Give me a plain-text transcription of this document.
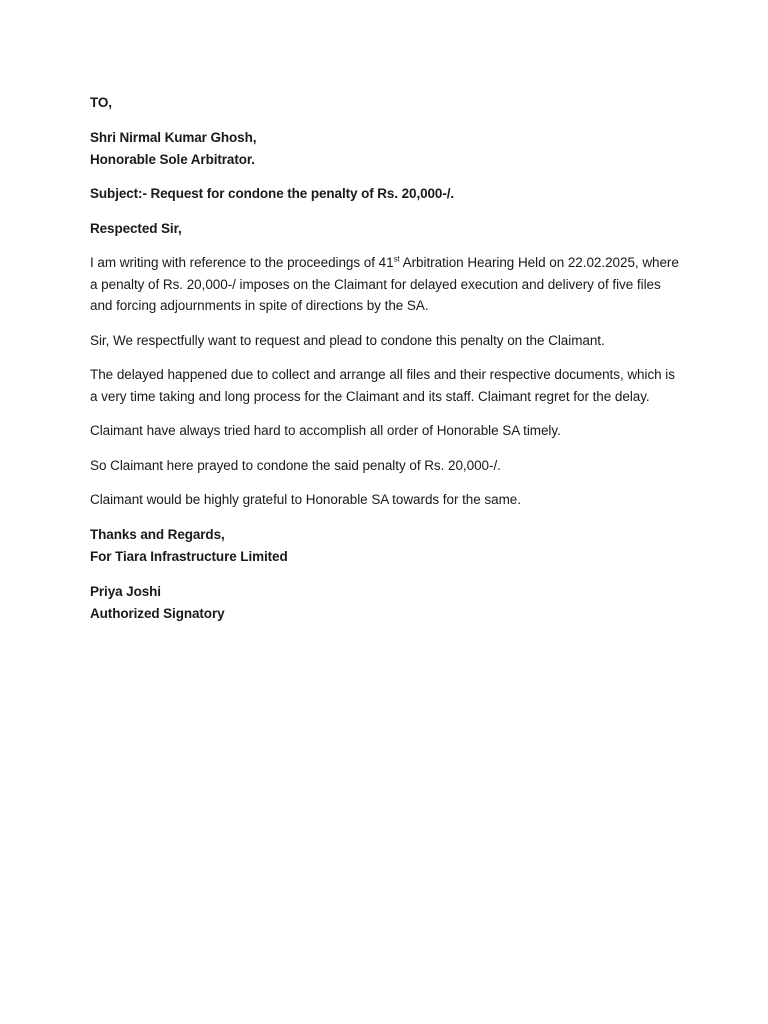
TO,

Shri Nirmal Kumar Ghosh,
Honorable Sole Arbitrator.

Subject:- Request for condone the penalty of Rs. 20,000-/.

Respected Sir,

I am writing with reference to the proceedings of 41st Arbitration Hearing Held on 22.02.2025, where a penalty of Rs. 20,000-/ imposes on the Claimant for delayed execution and delivery of five files and forcing adjournments in spite of directions by the SA.

Sir, We respectfully want to request and plead to condone this penalty on the Claimant.

The delayed happened due to collect and arrange all files and their respective documents, which is a very time taking and long process for the Claimant and its staff. Claimant regret for the delay.

Claimant have always tried hard to accomplish all order of Honorable SA timely.

So Claimant here prayed to condone the said penalty of Rs. 20,000-/.

Claimant would be highly grateful to Honorable SA towards for the same.

Thanks and Regards,
For Tiara Infrastructure Limited
Priya Joshi
Authorized Signatory
